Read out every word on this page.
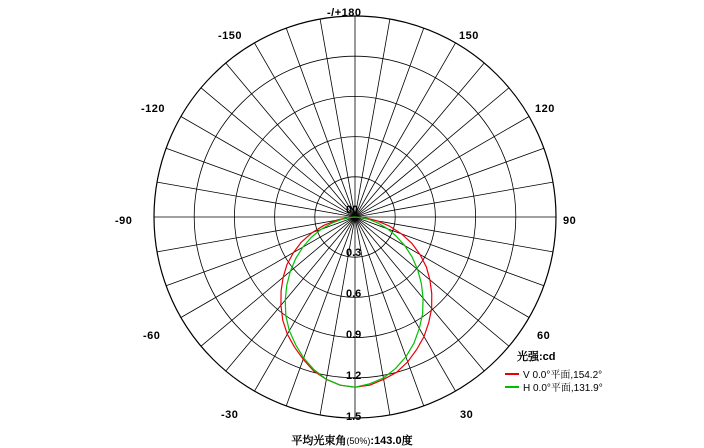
-/+180
150
120
90
60
30
-30
-60
-90
-120
-150
0 0
0.3
0.6
0.9
1.2
1.5
光强:cd
V 0.0°平面,154.2°
H 0.0°平面,131.9°
平均光束角(50%):143.0度
